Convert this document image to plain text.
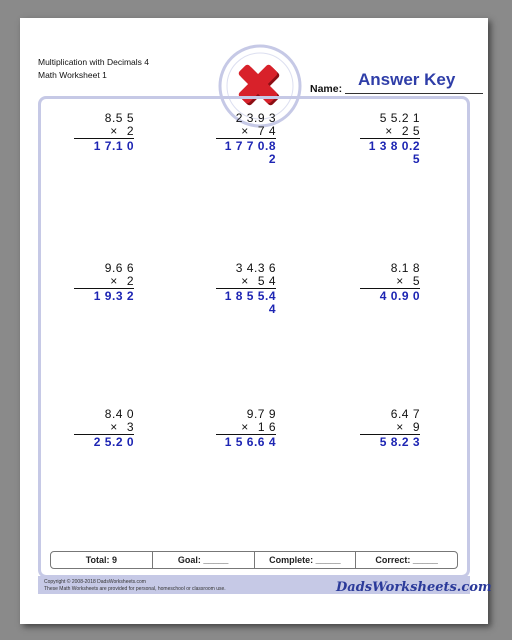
Multiplication with Decimals 4
Math Worksheet 1	Answer Key
Name:
8.5 5
× 2
1 7.1 0
2 3.9 3
× 7 4
1 7 7 0.8 2
5 5.2 1
× 2 5
1 3 8 0.2 5
9.6 6
× 2
1 9.3 2
3 4.3 6
× 5 4
1 8 5 5.4 4
8.1 8
× 5
4 0.9 0
8.4 0
× 3
2 5.2 0
9.7 9
× 1 6
1 5 6.6 4
6.4 7
× 9
5 8.2 3
Total: 9	Goal: _____	Complete: _____	Correct: _____
Copyright © 2008-2018 DadsWorksheets.com
These Math Worksheets are provided for personal, homeschool or classroom use.	DadsWorksheets.com
